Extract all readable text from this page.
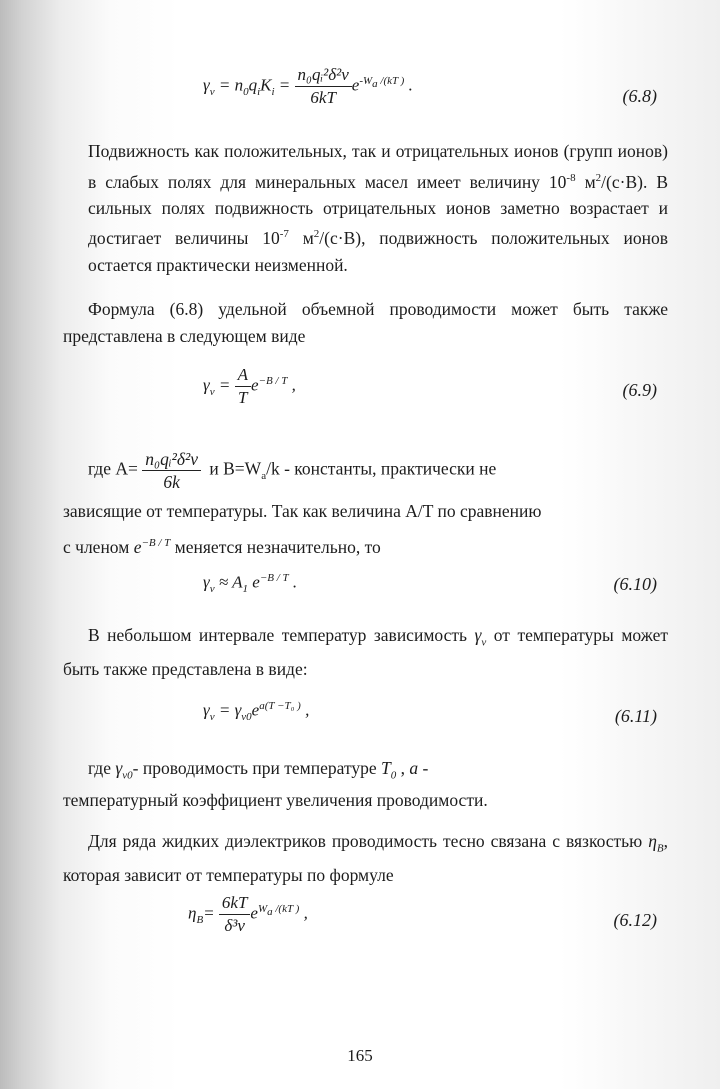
$\gamma_v = n_0q_iK_i = \frac{\text{n₀qᵢ²δ²ν}}{6kT} e^{-W_a /(kT )}$ .
(6.8)
Подвижность как положительных, так и отрицательных ионов (групп ионов) в слабых полях для минеральных масел имеет величину $10^{-8}$ $м^2/(с\cdot В)$. В сильных полях подвижность отрицательных ионов заметно возрастает и достигает величины $10^{-7}$ $м^2/(с\cdot В)$, подвижность положительных ионов остается практически неизменной.
Формула (6.8) удельной объемной проводимости может быть также представлена в следующем виде
$\gamma_v = \frac{A}{T} e^{-B / T}$ ,	(6.9)
где $A= \frac{\text{n₀qᵢ²δ²ν}}{6k}$ и $B=W_a/k$ - константы, практически не
зависящие от температуры. Так как величина A/T по сравнению
с членом $e^{-B / T}$ меняется незначительно, то
$\gamma_v \approx A_1$ $e^{-B / T}$ .	(6.10)
В небольшом интервале температур зависимость $\gamma_v$ от температуры может быть также представлена в виде:
$\gamma_v = \gamma_{v0}e^{a(T -T_0 )}$ ,	(6.11)
где $\gamma_{v0}-$ проводимость при температуре $T_0$ , a -
температурный коэффициент увеличения проводимости.
Для ряда жидких диэлектриков проводимость тесно связана с вязкостью $\eta_B$, которая зависит от температуры по формуле
$\eta_B= \frac{6kT}{\text{δ³ν}} e^{W_a /(kT )}$ ,	(6.12)
165
